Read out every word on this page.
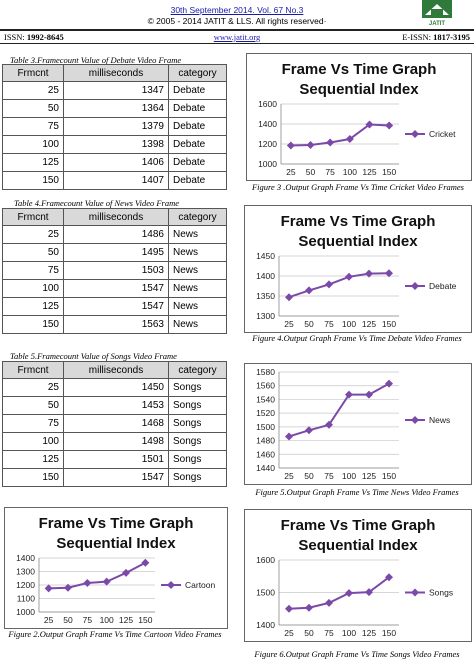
30th September 2014. Vol. 67 No.3
© 2005 - 2014 JATIT & LLS. All rights reserved·	JATIT
ISSN: 1992-8645	www.jatit.org	E-ISSN: 1817-3195
Table 3.Framecount Value of Debate Video Frame
Frmcnt	milliseconds	category
25	1347	Debate
50	1364	Debate
75	1379	Debate
100	1398	Debate
125	1406	Debate
150	1407	Debate
Table 4.Framecount Value of News Video Frame
Frmcnt	milliseconds	category
25	1486	News
50	1495	News
75	1503	News
100	1547	News
125	1547	News
150	1563	News
Table 5.Framecount Value of Songs Video Frame
Frmcnt	milliseconds	category
25	1450	Songs
50	1453	Songs
75	1468	Songs
100	1498	Songs
125	1501	Songs
150	1547	Songs
Frame Vs Time Graph
Sequential Index
1000
1200
1400
1600
25 50 75 100 125 150
Cricket
Figure 3 .Output Graph Frame Vs Time Cricket Video Frames
Frame Vs Time Graph
Sequential Index
1300
1350
1400
1450
25 50 75 100 125 150
Debate
Figure 4.Output Graph Frame Vs Time Debate Video Frames
1440
1460
1480
1500
1520
1540
1560
1580
25 50 75 100 125 150
News
Figure 5.Output Graph Frame Vs Time News Video Frames
Frame Vs Time Graph
Sequential Index
1000
1100
1200
1300
1400
25 50 75 100 125 150
Cartoon
Figure 2.Output Graph Frame Vs Time Cartoon Video Frames
Frame Vs Time Graph
Sequential Index
1400
1500
1600
25 50 75 100 125 150
Songs
Figure 6.Output Graph Frame Vs Time Songs Video Frames
